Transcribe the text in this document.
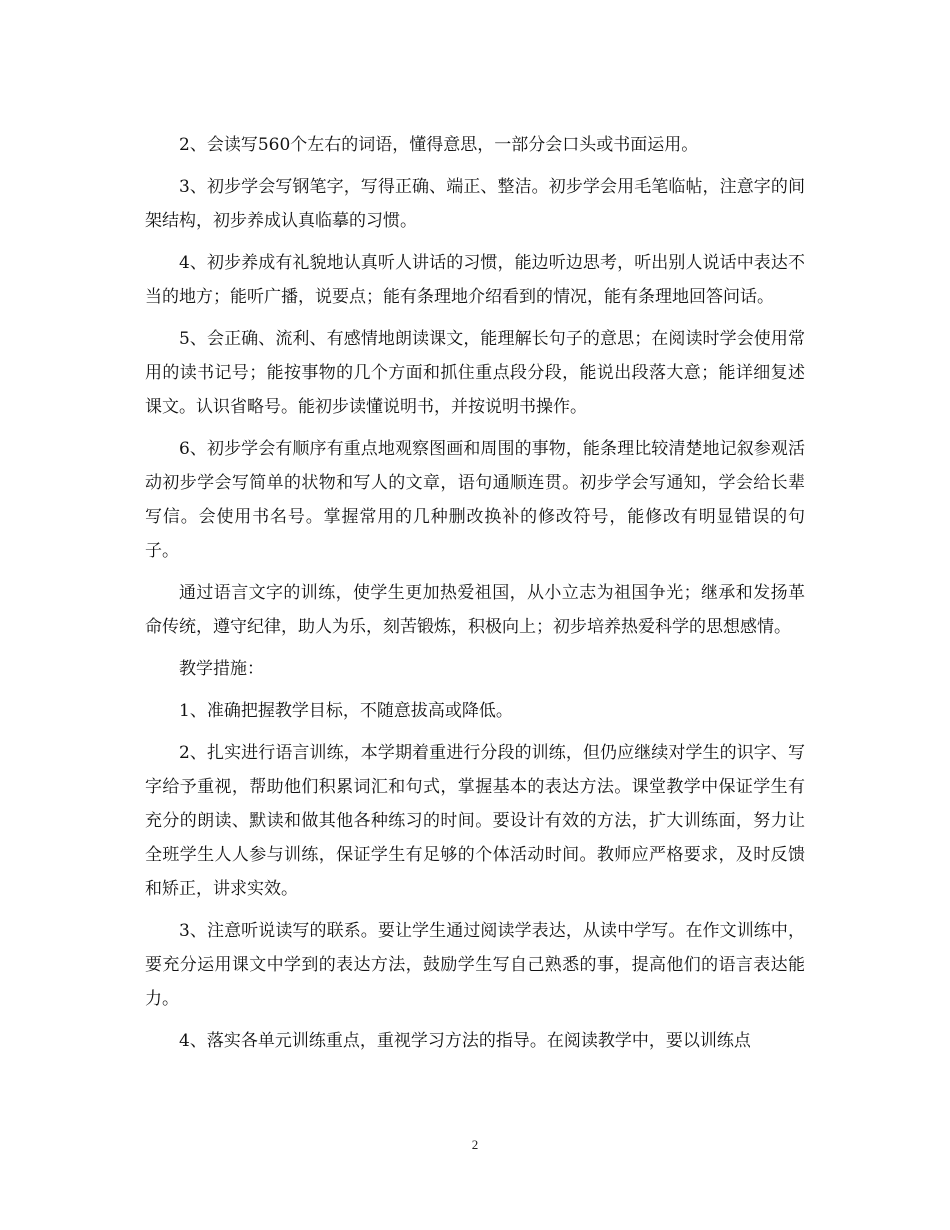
2、会读写560个左右的词语，懂得意思，一部分会口头或书面运用。

3、初步学会写钢笔字，写得正确、端正、整洁。初步学会用毛笔临帖，注意字的间架结构，初步养成认真临摹的习惯。

4、初步养成有礼貌地认真听人讲话的习惯，能边听边思考，听出别人说话中表达不当的地方；能听广播，说要点；能有条理地介绍看到的情况，能有条理地回答问话。

5、会正确、流利、有感情地朗读课文，能理解长句子的意思；在阅读时学会使用常用的读书记号；能按事物的几个方面和抓住重点段分段，能说出段落大意；能详细复述课文。认识省略号。能初步读懂说明书，并按说明书操作。

6、初步学会有顺序有重点地观察图画和周围的事物，能条理比较清楚地记叙参观活动初步学会写简单的状物和写人的文章，语句通顺连贯。初步学会写通知，学会给长辈写信。会使用书名号。掌握常用的几种删改换补的修改符号，能修改有明显错误的句子。

通过语言文字的训练，使学生更加热爱祖国，从小立志为祖国争光；继承和发扬革命传统，遵守纪律，助人为乐，刻苦锻炼，积极向上；初步培养热爱科学的思想感情。

教学措施：

1、准确把握教学目标，不随意拔高或降低。

2、扎实进行语言训练，本学期着重进行分段的训练，但仍应继续对学生的识字、写字给予重视，帮助他们积累词汇和句式，掌握基本的表达方法。课堂教学中保证学生有充分的朗读、默读和做其他各种练习的时间。要设计有效的方法，扩大训练面，努力让全班学生人人参与训练，保证学生有足够的个体活动时间。教师应严格要求，及时反馈和矫正，讲求实效。

3、注意听说读写的联系。要让学生通过阅读学表达，从读中学写。在作文训练中，要充分运用课文中学到的表达方法，鼓励学生写自己熟悉的事，提高他们的语言表达能力。

4、落实各单元训练重点，重视学习方法的指导。在阅读教学中，要以训练点

2
